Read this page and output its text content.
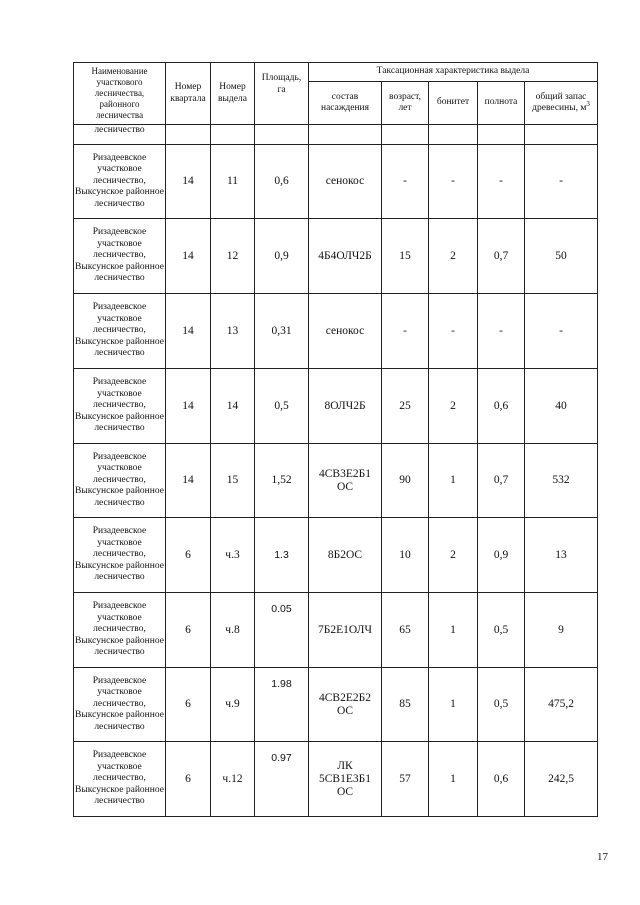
Наименование участкового лесничества, районного лесничества	Номер квартала	Номер выдела	Площадь, га	Таксационная характеристика выдела				
				состав насаждения	возраст, лет	бонитет	полнота	общий запас древесины, $м^3$
лесничество								
Ризадеевское участковое лесничество, Выксунское районное лесничество	14	11	0,6	сенокос	-	-	-	-
Ризадеевское участковое лесничество, Выксунское районное лесничество	14	12	0,9	4Б4ОЛЧ2Б	15	2	0,7	50
Ризадеевское участковое лесничество, Выксунское районное лесничество	14	13	0,31	сенокос	-	-	-	-
Ризадеевское участковое лесничество, Выксунское районное лесничество	14	14	0,5	8ОЛЧ2Б	25	2	0,6	40
Ризадеевское участковое лесничество, Выксунское районное лесничество	14	15	1,52	4СВ3Е2Б1 ОС	90	1	0,7	532
Ризадеевское участковое лесничество, Выксунское районное лесничество	6	ч.3	1.3	8Б2ОС	10	2	0,9	13
Ризадеевское участковое лесничество, Выксунское районное лесничество	6	ч.8	0.05	7Б2Е1ОЛЧ	65	1	0,5	9
Ризадеевское участковое лесничество, Выксунское районное лесничество	6	ч.9	1.98	4СВ2Е2Б2 ОС	85	1	0,5	475,2
Ризадеевское участковое лесничество, Выксунское районное лесничество	6	ч.12	0.97	ЛК 5СВ1Е3Б1 ОС	57	1	0,6	242,5
17
